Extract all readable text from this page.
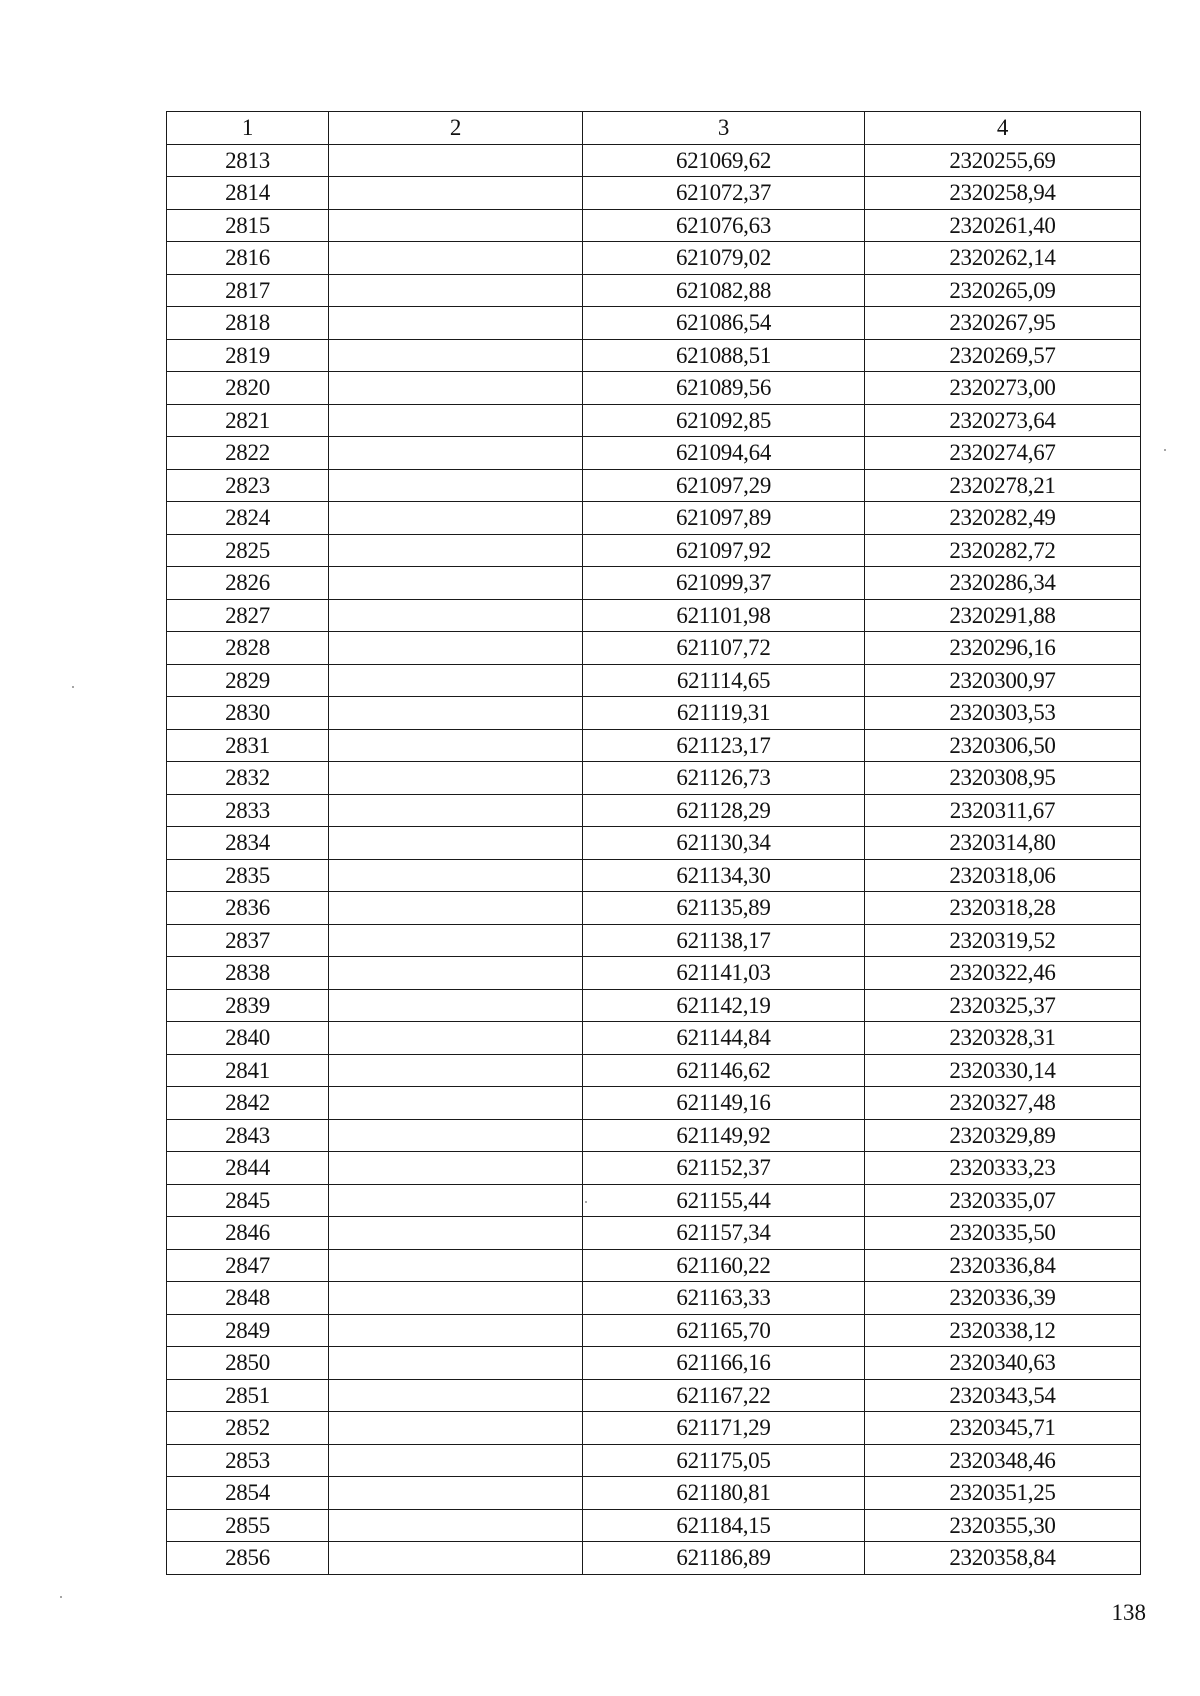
1	2	3	4
2813		621069,62	2320255,69
2814		621072,37	2320258,94
2815		621076,63	2320261,40
2816		621079,02	2320262,14
2817		621082,88	2320265,09
2818		621086,54	2320267,95
2819		621088,51	2320269,57
2820		621089,56	2320273,00
2821		621092,85	2320273,64
2822		621094,64	2320274,67
2823		621097,29	2320278,21
2824		621097,89	2320282,49
2825		621097,92	2320282,72
2826		621099,37	2320286,34
2827		621101,98	2320291,88
2828		621107,72	2320296,16
2829		621114,65	2320300,97
2830		621119,31	2320303,53
2831		621123,17	2320306,50
2832		621126,73	2320308,95
2833		621128,29	2320311,67
2834		621130,34	2320314,80
2835		621134,30	2320318,06
2836		621135,89	2320318,28
2837		621138,17	2320319,52
2838		621141,03	2320322,46
2839		621142,19	2320325,37
2840		621144,84	2320328,31
2841		621146,62	2320330,14
2842		621149,16	2320327,48
2843		621149,92	2320329,89
2844		621152,37	2320333,23
2845		621155,44	2320335,07
2846		621157,34	2320335,50
2847		621160,22	2320336,84
2848		621163,33	2320336,39
2849		621165,70	2320338,12
2850		621166,16	2320340,63
2851		621167,22	2320343,54
2852		621171,29	2320345,71
2853		621175,05	2320348,46
2854		621180,81	2320351,25
2855		621184,15	2320355,30
2856		621186,89	2320358,84
138
